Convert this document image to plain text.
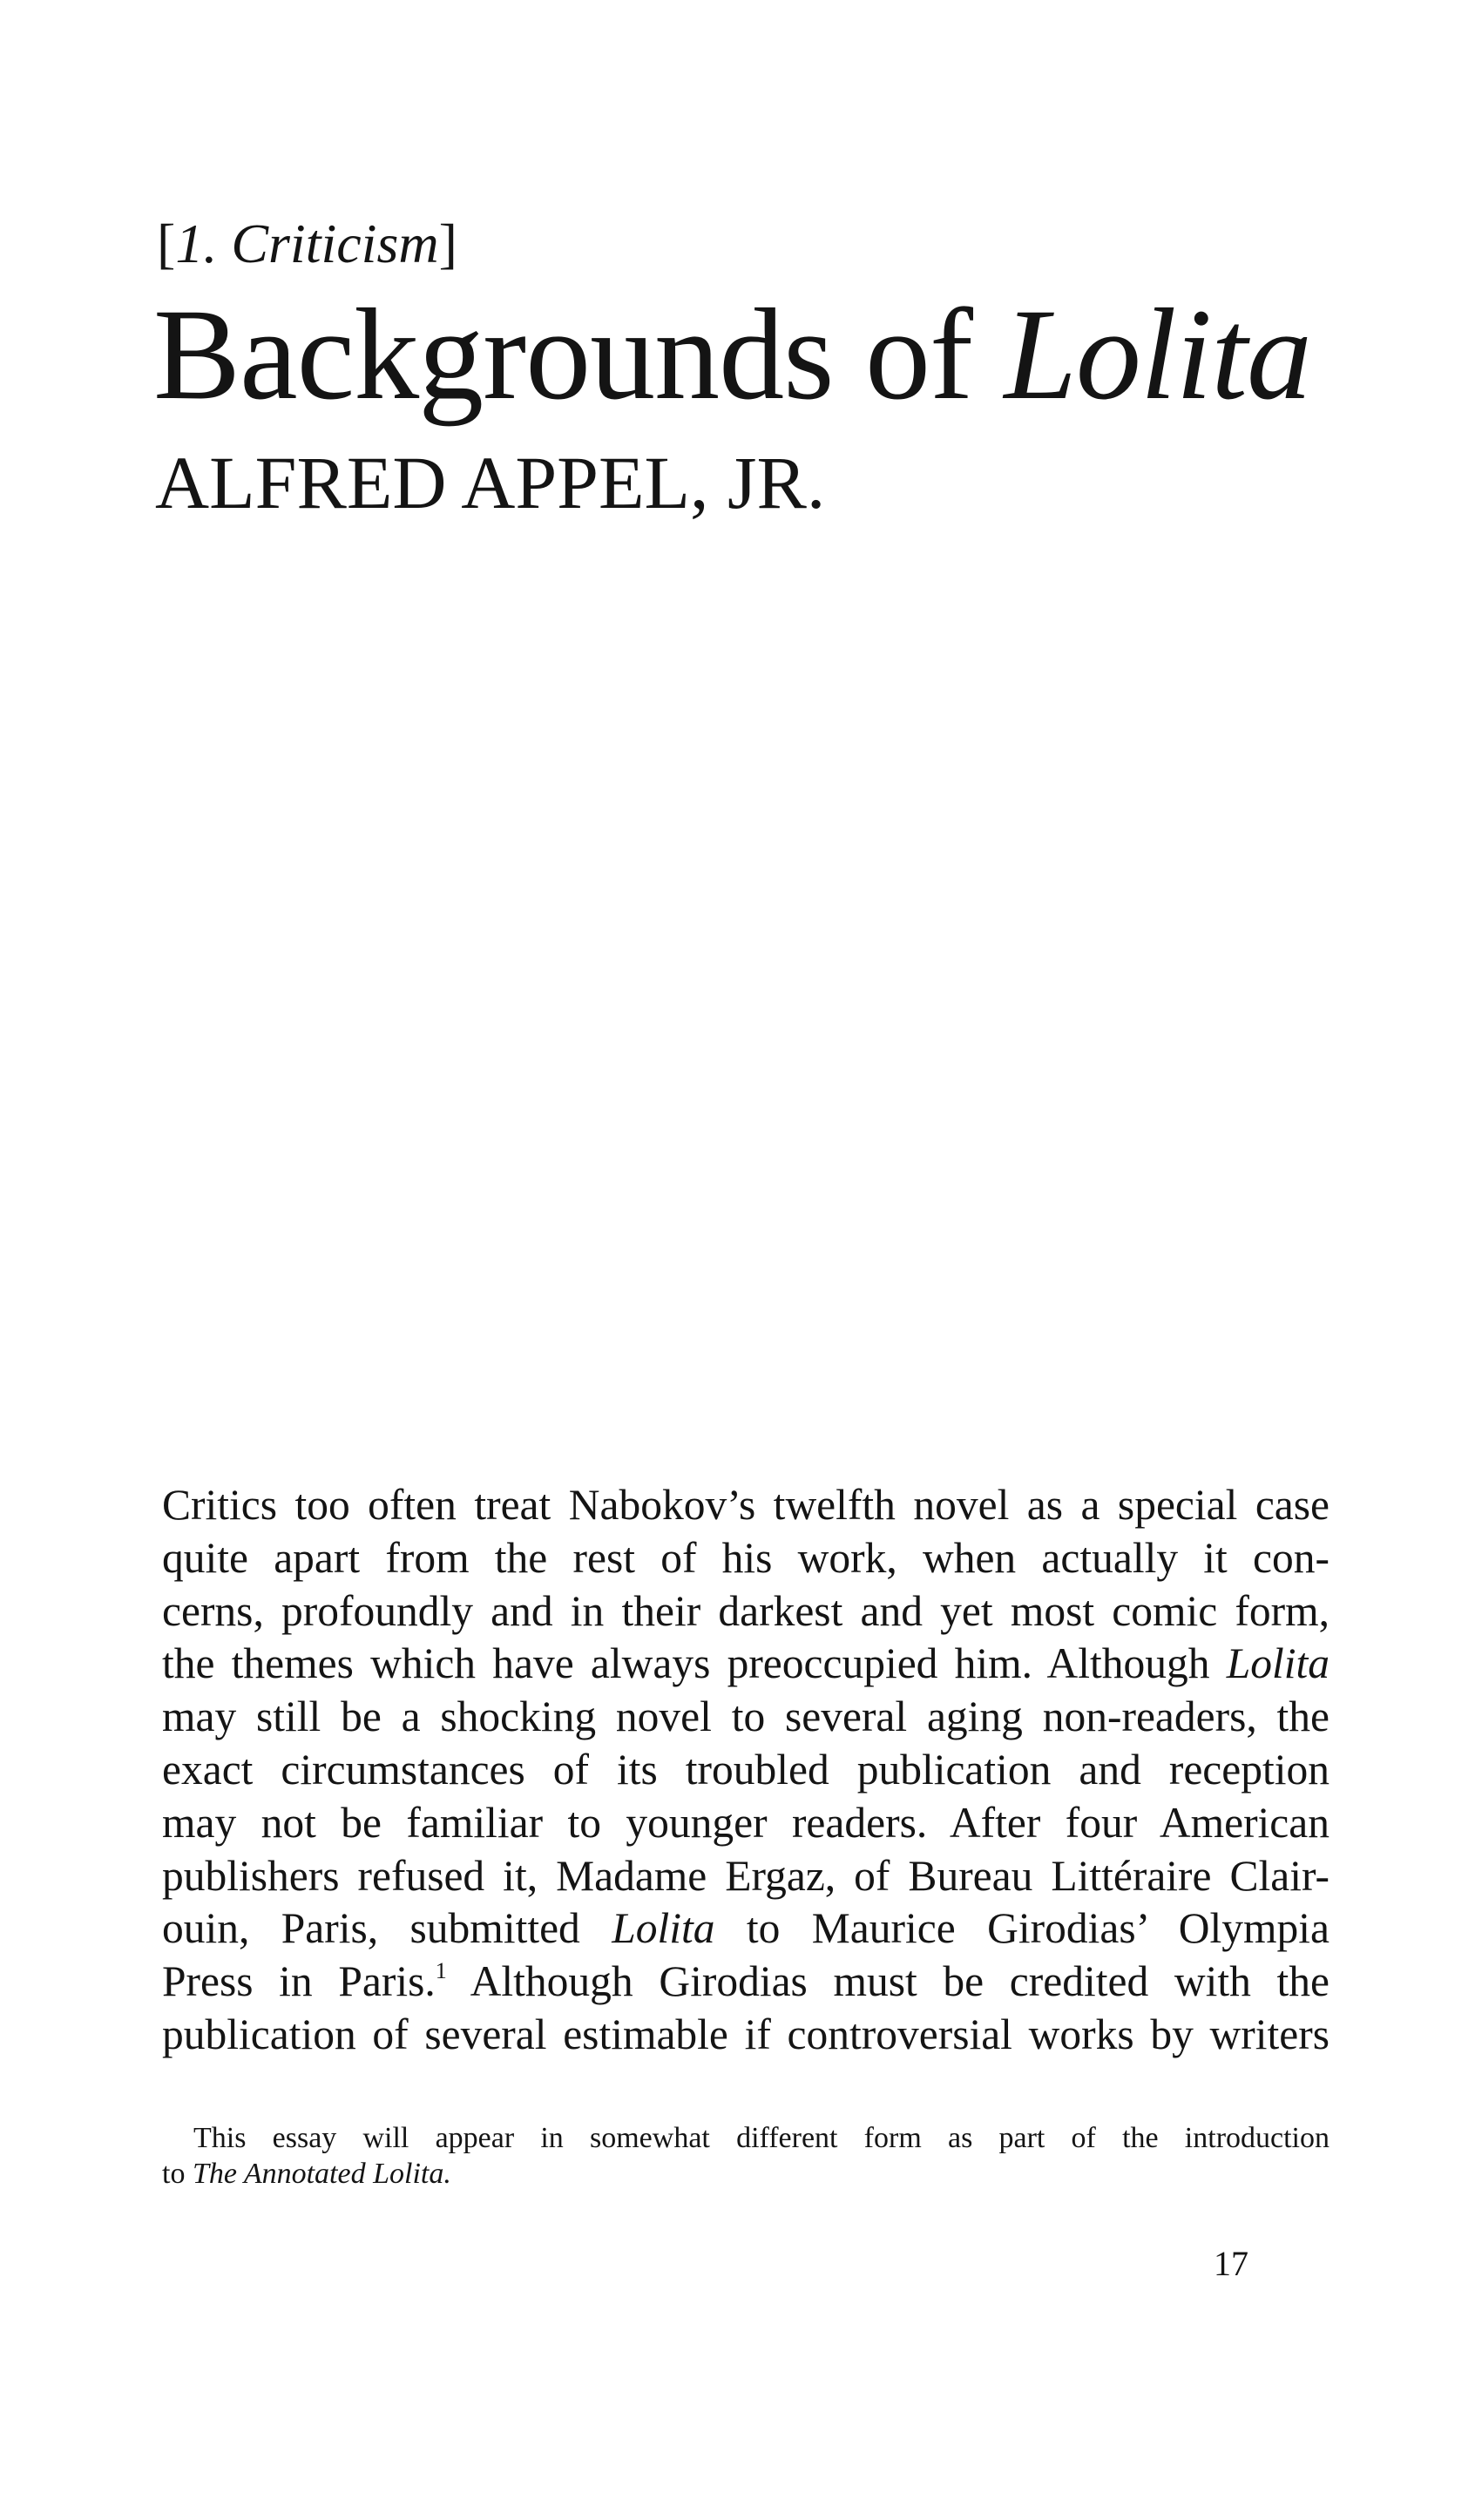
[1. Criticism]
Backgrounds of Lolita
ALFRED APPEL, JR.
Critics too often treat Nabokov’s twelfth novel as a special case
quite apart from the rest of his work, when actually it con-
cerns, profoundly and in their darkest and yet most comic form,
the themes which have always preoccupied him. Although Lolita
may still be a shocking novel to several aging non-readers, the
exact circumstances of its troubled publication and reception
may not be familiar to younger readers. After four American
publishers refused it, Madame Ergaz, of Bureau Littéraire Clair-
ouin, Paris, submitted Lolita to Maurice Girodias’ Olympia
Press in Paris.$^1$ Although Girodias must be credited with the
publication of several estimable if controversial works by writers
This essay will appear in somewhat different form as part of the introduction
to The Annotated Lolita.
17
